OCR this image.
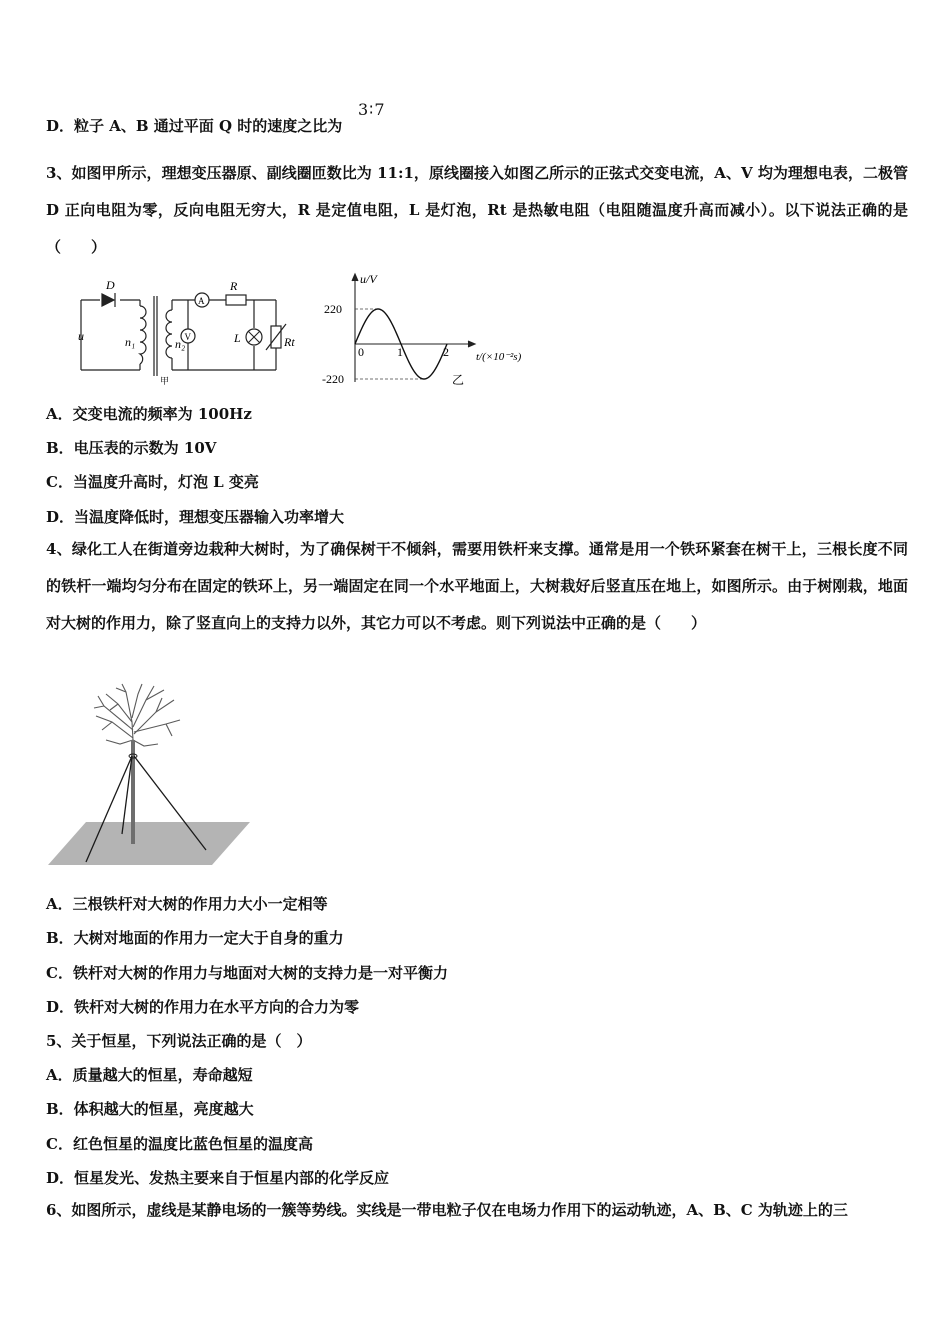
D．粒子 A、B 通过平面 Q 时的速度之比为
3∶7
3、如图甲所示，理想变压器原、副线圈匝数比为 11:1，原线圈接入如图乙所示的正弦式交变电流，A、V 均为理想电表，二极管 D 正向电阻为零，反向电阻无穷大，R 是定值电阻，L 是灯泡，Rt 是热敏电阻（电阻随温度升高而减小）。以下说法正确的是（　　）
D
u	n₁	n₂
A
V
R
L	Rt
甲
u/V
220
-220
0	1	2 t/(×10⁻²s)
乙
A．交变电流的频率为 100Hz
B．电压表的示数为 10V
C．当温度升高时，灯泡 L 变亮
D．当温度降低时，理想变压器输入功率增大
4、绿化工人在街道旁边栽种大树时，为了确保树干不倾斜，需要用铁杆来支撑。通常是用一个铁环紧套在树干上，三根长度不同的铁杆一端均匀分布在固定的铁环上，另一端固定在同一个水平地面上，大树栽好后竖直压在地上，如图所示。由于树刚栽，地面对大树的作用力，除了竖直向上的支持力以外，其它力可以不考虑。则下列说法中正确的是（　　）
A．三根铁杆对大树的作用力大小一定相等
B．大树对地面的作用力一定大于自身的重力
C．铁杆对大树的作用力与地面对大树的支持力是一对平衡力
D．铁杆对大树的作用力在水平方向的合力为零
5、关于恒星，下列说法正确的是（　）
A．质量越大的恒星，寿命越短
B．体积越大的恒星，亮度越大
C．红色恒星的温度比蓝色恒星的温度高
D．恒星发光、发热主要来自于恒星内部的化学反应
6、如图所示，虚线是某静电场的一簇等势线。实线是一带电粒子仅在电场力作用下的运动轨迹，A、B、C 为轨迹上的三
